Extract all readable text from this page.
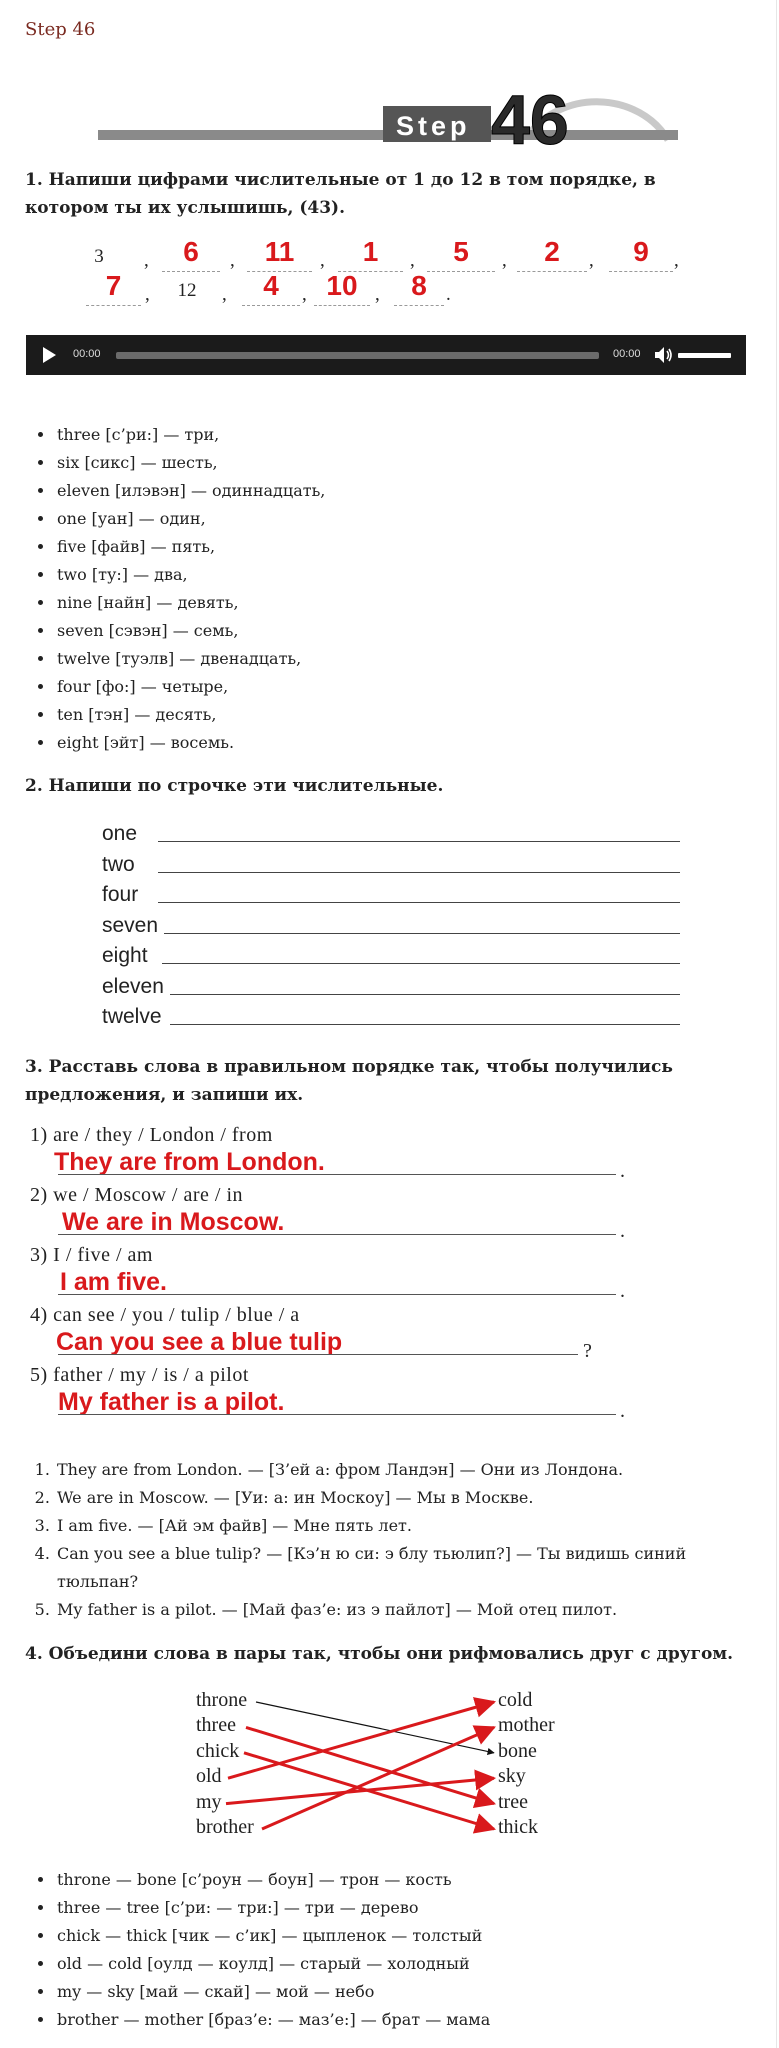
Step 46
Step 46
1. Напиши цифрами числительные от 1 до 12 в том порядке, в котором ты их услышишь, (43).
3	,	6	,	11	,	1	,	5	,	2	,	9	,
7	,	12	,	4	, 10 ,	8	.
00:00	00:00
• three [с’ри:] — три,
• six [сикс] — шесть,
• eleven [илэвэн] — одиннадцать,
• one [уан] — один,
• five [файв] — пять,
• two [ту:] — два,
• nine [найн] — девять,
• seven [сэвэн] — семь,
• twelve [туэлв] — двенадцать,
• four [фо:] — четыре,
• ten [тэн] — десять,
• eight [эйт] — восемь.
2. Напиши по строчке эти числительные.
one
two
four
seven
eight
eleven
twelve
3. Расставь слова в правильном порядке так, чтобы получились предложения, и запиши их.
1) are / they / London / from
They are from London.	.
2) we / Moscow / are / in
We are in Moscow.	.
3) I / five / am
I am five.	.
4) can see / you / tulip / blue / a
Can you see a blue tulip	?
5) father / my / is / a pilot
My father is a pilot.	.
1. They are from London. — [З’ей а: фром Ландэн] — Они из Лондона.
2. We are in Moscow. — [Уи: а: ин Москоу] — Мы в Москве.
3. I am five. — [Ай эм файв] — Мне пять лет.
4. Can you see a blue tulip? — [Кэ’н ю си: э блу тьюлип?] — Ты видишь синий тюльпан?
5. My father is a pilot. — [Май фаз’е: из э пайлот] — Мой отец пилот.
4. Объедини слова в пары так, чтобы они рифмовались друг с другом.
throne
three
chick
old
my
brother
cold
mother
bone
sky
tree
thick
• throne — bone [с’роун — боун] — трон — кость
• three — tree [с’ри: — три:] — три — дерево
• chick — thick [чик — с’ик] — цыпленок — толстый
• old — cold [оулд — коулд] — старый — холодный
• my — sky [май — скай] — мой — небо
• brother — mother [браз’е: — маз’е:] — брат — мама
